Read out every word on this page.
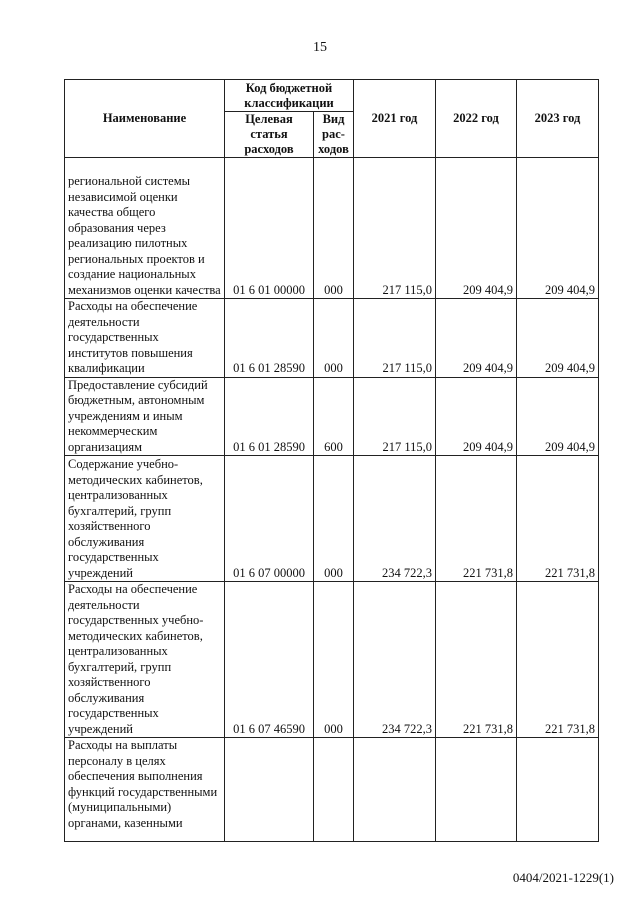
15
Наименование	Код бюджетной классификации		2021 год	2022 год	2023 год
	Целевая статья расходов	Вид рас-ходов			
региональной системы независимой оценки качества общего образования через реализацию пилотных региональных проектов и создание национальных механизмов оценки качества	01 6 01 00000	000	217 115,0	209 404,9	209 404,9
Расходы на обеспечение деятельности государственных институтов повышения квалификации	01 6 01 28590	000	217 115,0	209 404,9	209 404,9
Предоставление субсидий бюджетным, автономным учреждениям и иным некоммерческим организациям	01 6 01 28590	600	217 115,0	209 404,9	209 404,9
Содержание учебно-методических кабинетов, централизованных бухгалтерий, групп хозяйственного обслуживания государственных учреждений	01 6 07 00000	000	234 722,3	221 731,8	221 731,8
Расходы на обеспечение деятельности государственных учебно-методических кабинетов, централизованных бухгалтерий, групп хозяйственного обслуживания государственных учреждений	01 6 07 46590	000	234 722,3	221 731,8	221 731,8
Расходы на выплаты персоналу в целях обеспечения выполнения функций государственными (муниципальными) органами, казенными					
0404/2021-1229(1)
